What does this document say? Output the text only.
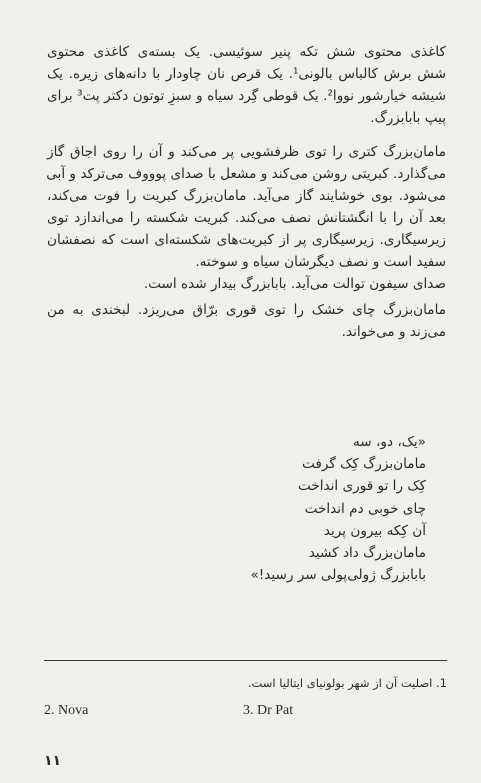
کاغذی محتوی شش تکه پنیر سوئیسی. یک بسته‌ی کاغذی محتوی
شش برش کالباس بالونی¹. یک قرص نان چاودار با دانه‌های زیره. یک
شیشه خیارشور نووا². یک قوطی گِرد سیاه و سبزِ توتون دکتر پت³ برای
پیپ بابابزرگ.
مامان‌بزرگ کتری را توی ظرفشویی پر می‌کند و آن را روی اجاق گاز
می‌گذارد. کبریتی روشن می‌کند و مشعل با صدای پوووف می‌ترکد و آبی
می‌شود. بوی خوشایند گاز می‌آید. مامان‌بزرگ کبریت را فوت می‌کند،
بعد آن را با انگشتانش نصف می‌کند. کبریت شکسته را می‌اندازد توی
زیرسیگاری. زیرسیگاری پر از کبریت‌های شکسته‌ای است که نصفشان
سفید است و نصف دیگرشان سیاه و سوخته.
صدای سیفون توالت می‌آید. بابابزرگ بیدار شده است.
مامان‌بزرگ چای خشک را توی قوری برّاق می‌ریزد. لبخندی به من
می‌زند و می‌خواند.
«یک، دو، سه
مامان‌بزرگ کِک گرفت
کِک را تو قوری انداخت
چای خوبی دم انداخت
آن کِکه بیرون پرید
مامان‌بزرگ داد کشید
بابابزرگ ژولی‌پولی سر رسید!»
1. اصلیت آن از شهر بولونیای ایتالیا است.
2. Nova	3. Dr Pat
۱۱
